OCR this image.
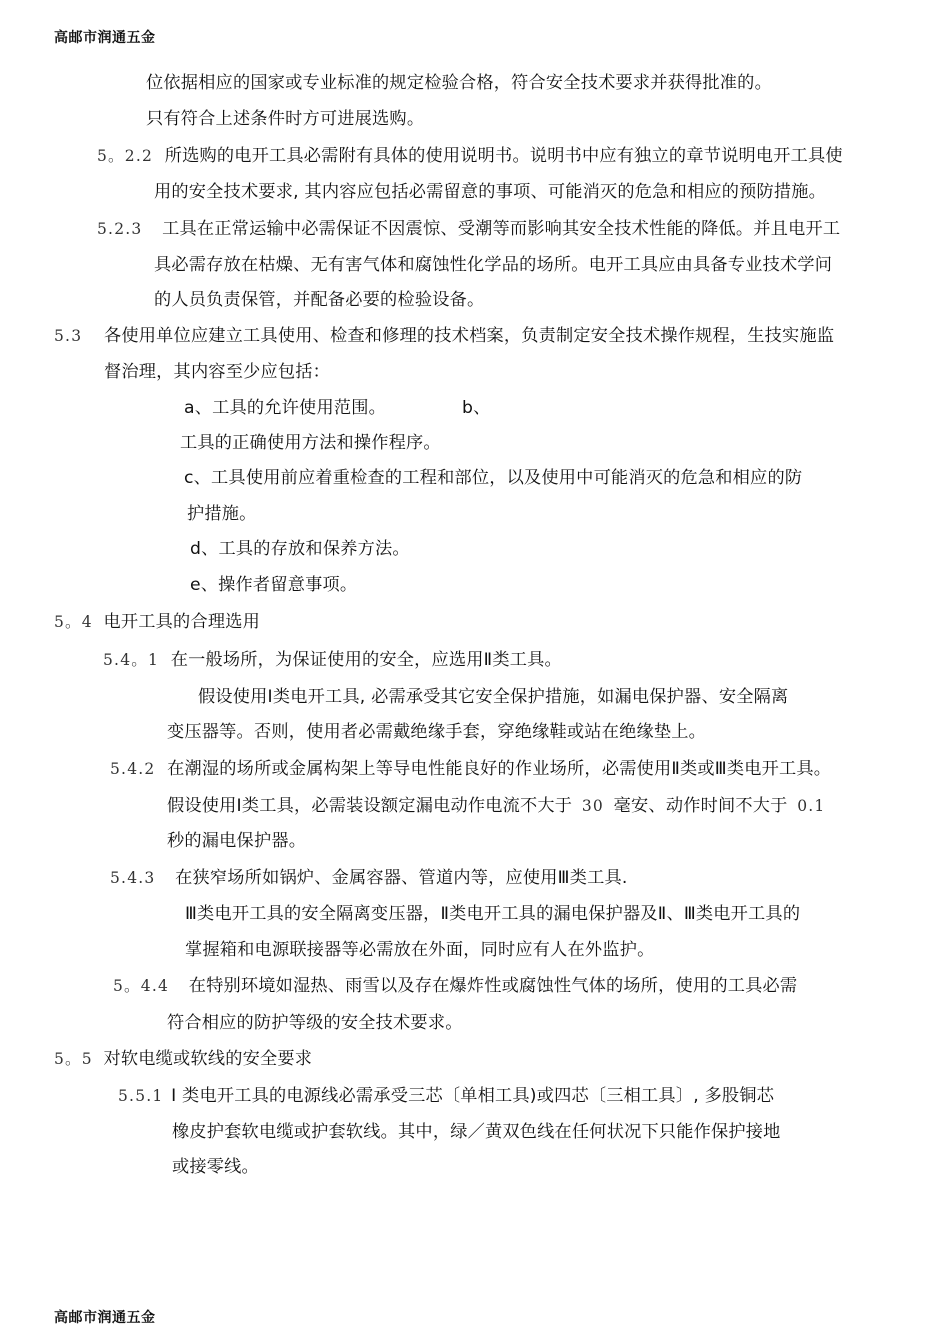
高邮市润通五金
位依据相应的国家或专业标准的规定检验合格，符合安全技术要求并获得批准的。
只有符合上述条件时方可进展选购。
5。2.2 所选购的电开工具必需附有具体的使用说明书。说明书中应有独立的章节说明电开工具使
用的安全技术要求, 其内容应包括必需留意的事项、可能消灭的危急和相应的预防措施。
5.2.3 工具在正常运输中必需保证不因震惊、受潮等而影响其安全技术性能的降低。并且电开工
具必需存放在枯燥、无有害气体和腐蚀性化学品的场所。电开工具应由具备专业技术学问
的人员负责保管，并配备必要的检验设备。
5.3 各使用单位应建立工具使用、检查和修理的技术档案，负责制定安全技术操作规程，生技实施监
督治理，其内容至少应包括：
a、工具的允许使用范围。	b、
工具的正确使用方法和操作程序。
c、工具使用前应着重检查的工程和部位，以及使用中可能消灭的危急和相应的防
护措施。
d、工具的存放和保养方法。
e、操作者留意事项。
5。4 电开工具的合理选用
5.4。1 在一般场所，为保证使用的安全，应选用Ⅱ类工具。
假设使用Ⅰ类电开工具, 必需承受其它安全保护措施，如漏电保护器、安全隔离
变压器等。否则，使用者必需戴绝缘手套，穿绝缘鞋或站在绝缘垫上。
5.4.2 在潮湿的场所或金属构架上等导电性能良好的作业场所，必需使用Ⅱ类或Ⅲ类电开工具。
假设使用Ⅰ类工具，必需装设额定漏电动作电流不大于 30 毫安、动作时间不大于 0.1
秒的漏电保护器。
5.4.3 在狭窄场所如锅炉、金属容器、管道内等，应使用Ⅲ类工具.
Ⅲ类电开工具的安全隔离变压器，Ⅱ类电开工具的漏电保护器及Ⅱ、Ⅲ类电开工具的
掌握箱和电源联接器等必需放在外面，同时应有人在外监护。
5。4.4 在特别环境如湿热、雨雪以及存在爆炸性或腐蚀性气体的场所，使用的工具必需
符合相应的防护等级的安全技术要求。
5。5 对软电缆或软线的安全要求
5.5.1 Ⅰ 类电开工具的电源线必需承受三芯〔单相工具)或四芯〔三相工具〕, 多股铜芯
橡皮护套软电缆或护套软线。其中，绿／黄双色线在任何状况下只能作保护接地
或接零线。
高邮市润通五金
